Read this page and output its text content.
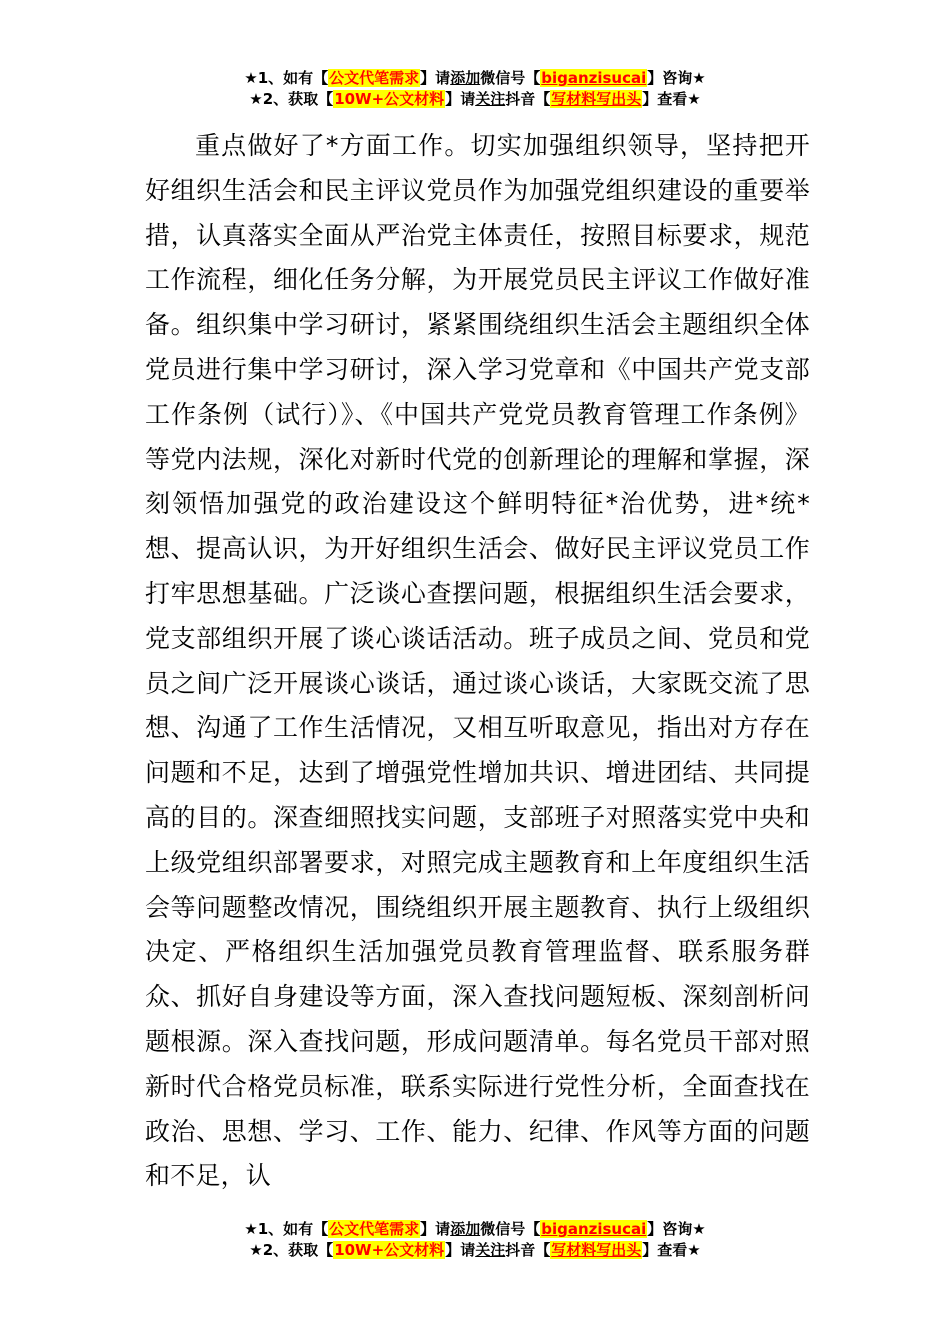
★1、如有【公文代笔需求】请添加微信号【biganzisucai】咨询★
★2、获取【10W+公文材料】请关注抖音【写材料写出头】查看★

重点做好了*方面工作。切实加强组织领导，坚持把开好组织生活会和民主评议党员作为加强党组织建设的重要举措，认真落实全面从严治党主体责任，按照目标要求，规范工作流程，细化任务分解，为开展党员民主评议工作做好准备。组织集中学习研讨，紧紧围绕组织生活会主题组织全体党员进行集中学习研讨，深入学习党章和《中国共产党支部工作条例（试行）》、《中国共产党党员教育管理工作条例》等党内法规，深化对新时代党的创新理论的理解和掌握，深刻领悟加强党的政治建设这个鲜明特征*治优势，进*统*想、提高认识，为开好组织生活会、做好民主评议党员工作打牢思想基础。广泛谈心查摆问题，根据组织生活会要求，党支部组织开展了谈心谈话活动。班子成员之间、党员和党员之间广泛开展谈心谈话，通过谈心谈话，大家既交流了思想、沟通了工作生活情况，又相互听取意见，指出对方存在问题和不足，达到了增强党性增加共识、增进团结、共同提高的目的。深查细照找实问题，支部班子对照落实党中央和上级党组织部署要求，对照完成主题教育和上年度组织生活会等问题整改情况，围绕组织开展主题教育、执行上级组织决定、严格组织生活加强党员教育管理监督、联系服务群众、抓好自身建设等方面，深入查找问题短板、深刻剖析问题根源。深入查找问题，形成问题清单。每名党员干部对照新时代合格党员标准，联系实际进行党性分析，全面查找在政治、思想、学习、工作、能力、纪律、作风等方面的问题和不足，认

★1、如有【公文代笔需求】请添加微信号【biganzisucai】咨询★
★2、获取【10W+公文材料】请关注抖音【写材料写出头】查看★
